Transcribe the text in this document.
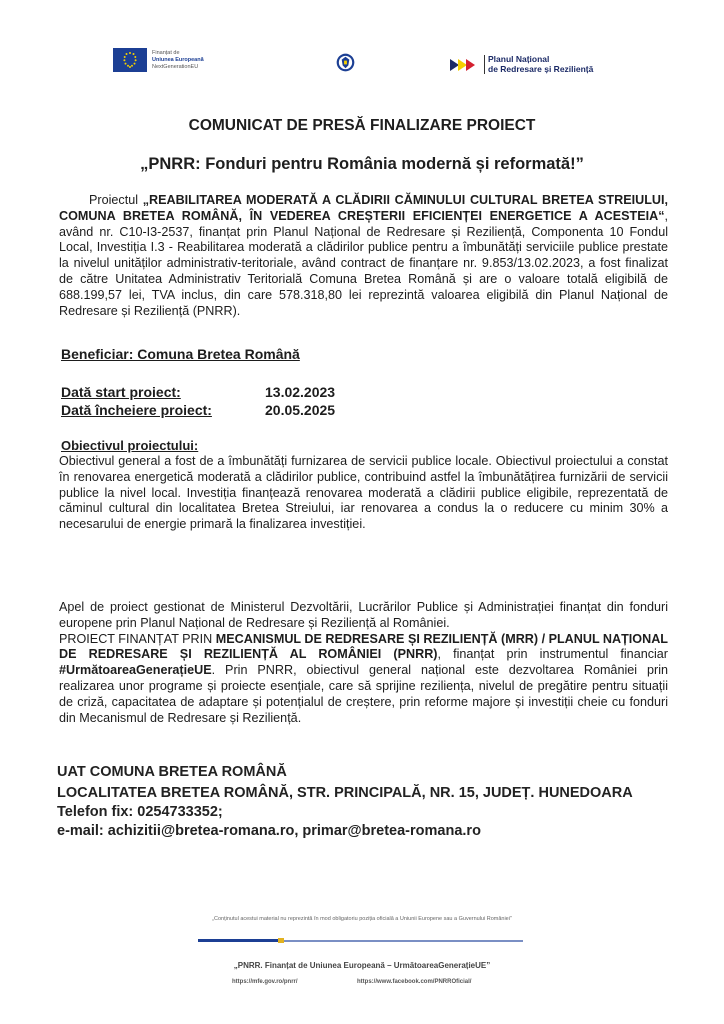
Finanțat de
Uniunea Europeană
NextGenerationEU
Planul Național
de Redresare și Reziliență
COMUNICAT DE PRESĂ FINALIZARE PROIECT
„PNRR: Fonduri pentru România modernă și reformată!”
Proiectul „REABILITAREA MODERATĂ A CLĂDIRII CĂMINULUI CULTURAL BRETEA STREIULUI, COMUNA BRETEA ROMÂNĂ, ÎN VEDEREA CREȘTERII EFICIENȚEI ENERGETICE A ACESTEIA“, având nr. C10-I3-2537, finanțat prin Planul Național de Redresare și Reziliență, Componenta 10 Fondul Local, Investiția I.3 - Reabilitarea moderată a clădirilor publice pentru a îmbunătăți serviciile publice prestate la nivelul unităților administrativ-teritoriale, având contract de finanțare nr. 9.853/13.02.2023, a fost finalizat de către Unitatea Administrativ Teritorială Comuna Bretea Română și are o valoare totală eligibilă de 688.199,57 lei, TVA inclus, din care 578.318,80 lei reprezintă valoarea eligibilă din Planul Național de Redresare și Reziliență (PNRR).
Beneficiar: Comuna Bretea Română
Dată start proiect:	13.02.2023
Dată încheiere proiect:	20.05.2025
Obiectivul proiectului:
Obiectivul general a fost de a îmbunătăți furnizarea de servicii publice locale. Obiectivul proiectului a constat în renovarea energetică moderată a clădirilor publice, contribuind astfel la îmbunătățirea furnizării de servicii publice la nivel local. Investiția finanțează renovarea moderată a clădirii publice eligibile, reprezentată de căminul cultural din localitatea Bretea Streiului, iar renovarea a condus la o reducere cu minim 30% a necesarului de energie primară la finalizarea investiției.
Apel de proiect gestionat de Ministerul Dezvoltării, Lucrărilor Publice și Administrației finanțat din fonduri europene prin Planul Național de Redresare și Reziliență al României.
PROIECT FINANȚAT PRIN MECANISMUL DE REDRESARE ȘI REZILIENȚĂ (MRR) / PLANUL NAȚIONAL DE REDRESARE ȘI REZILIENȚĂ AL ROMÂNIEI (PNRR), finanțat prin instrumentul financiar #UrmătoareaGenerațieUE. Prin PNRR, obiectivul general național este dezvoltarea României prin realizarea unor programe și proiecte esențiale, care să sprijine reziliența, nivelul de pregătire pentru situații de criză, capacitatea de adaptare și potențialul de creștere, prin reforme majore și investiții cheie cu fonduri din Mecanismul de Redresare și Reziliență.
UAT COMUNA BRETEA ROMÂNĂ
LOCALITATEA BRETEA ROMÂNĂ, STR. PRINCIPALĂ, NR. 15, JUDEȚ. HUNEDOARA
Telefon fix: 0254733352;
e-mail: achizitii@bretea-romana.ro, primar@bretea-romana.ro
„Conținutul acestui material nu reprezintă în mod obligatoriu poziția oficială a Uniunii Europene sau a Guvernului României”
„PNRR. Finanțat de Uniunea Europeană – UrmătoareaGenerațieUE”
https://mfe.gov.ro/pnrr/	https://www.facebook.com/PNRROficial/
